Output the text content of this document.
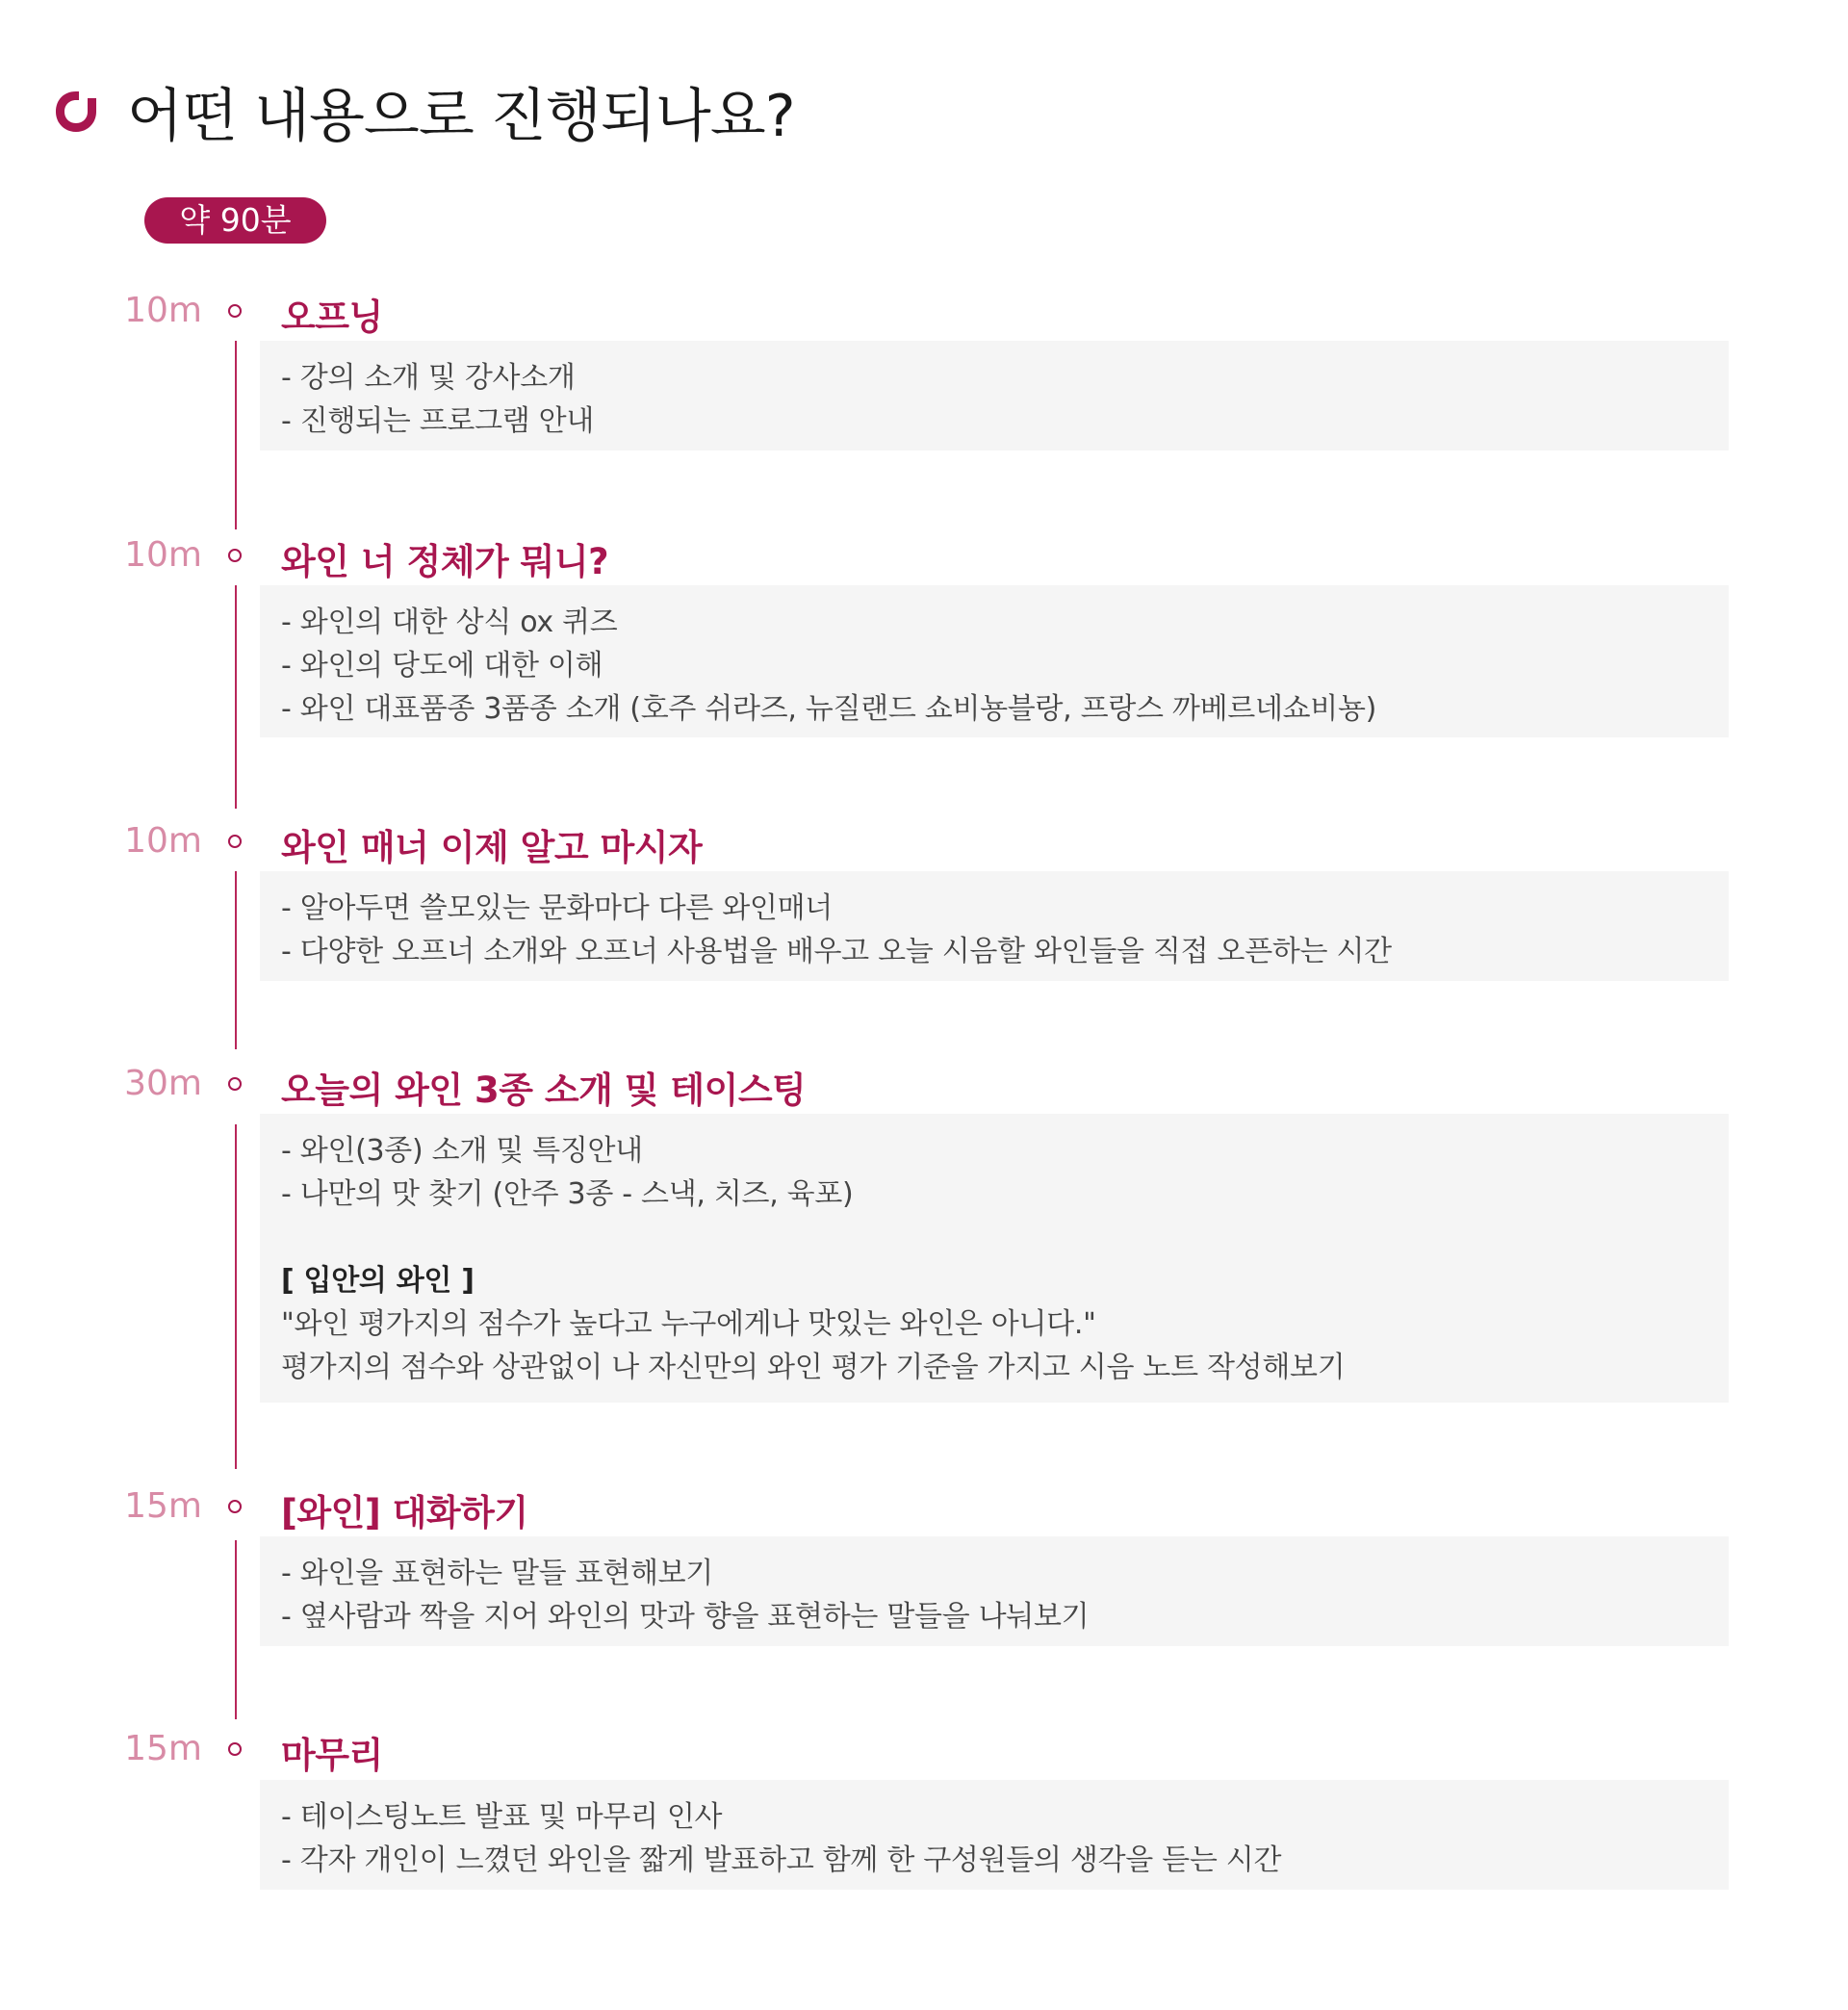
어떤 내용으로 진행되나요?
약 90분
10m 오프닝
- 강의 소개 및 강사소개
- 진행되는 프로그램 안내
10m 와인 너 정체가 뭐니?
- 와인의 대한 상식 ox 퀴즈
- 와인의 당도에 대한 이해
- 와인 대표품종 3품종 소개 (호주 쉬라즈, 뉴질랜드 쇼비뇽블랑, 프랑스 까베르네쇼비뇽)
10m 와인 매너 이제 알고 마시자
- 알아두면 쓸모있는 문화마다 다른 와인매너
- 다양한 오프너 소개와 오프너 사용법을 배우고 오늘 시음할 와인들을 직접 오픈하는 시간
30m 오늘의 와인 3종 소개 및 테이스팅
- 와인(3종) 소개 및 특징안내
- 나만의 맛 찾기 (안주 3종 - 스낵, 치즈, 육포)
[ 입안의 와인 ]
"와인 평가지의 점수가 높다고 누구에게나 맛있는 와인은 아니다."
평가지의 점수와 상관없이 나 자신만의 와인 평가 기준을 가지고 시음 노트 작성해보기
15m [와인] 대화하기
- 와인을 표현하는 말들 표현해보기
- 옆사람과 짝을 지어 와인의 맛과 향을 표현하는 말들을 나눠보기
15m 마무리
- 테이스팅노트 발표 및 마무리 인사
- 각자 개인이 느꼈던 와인을 짧게 발표하고 함께 한 구성원들의 생각을 듣는 시간
